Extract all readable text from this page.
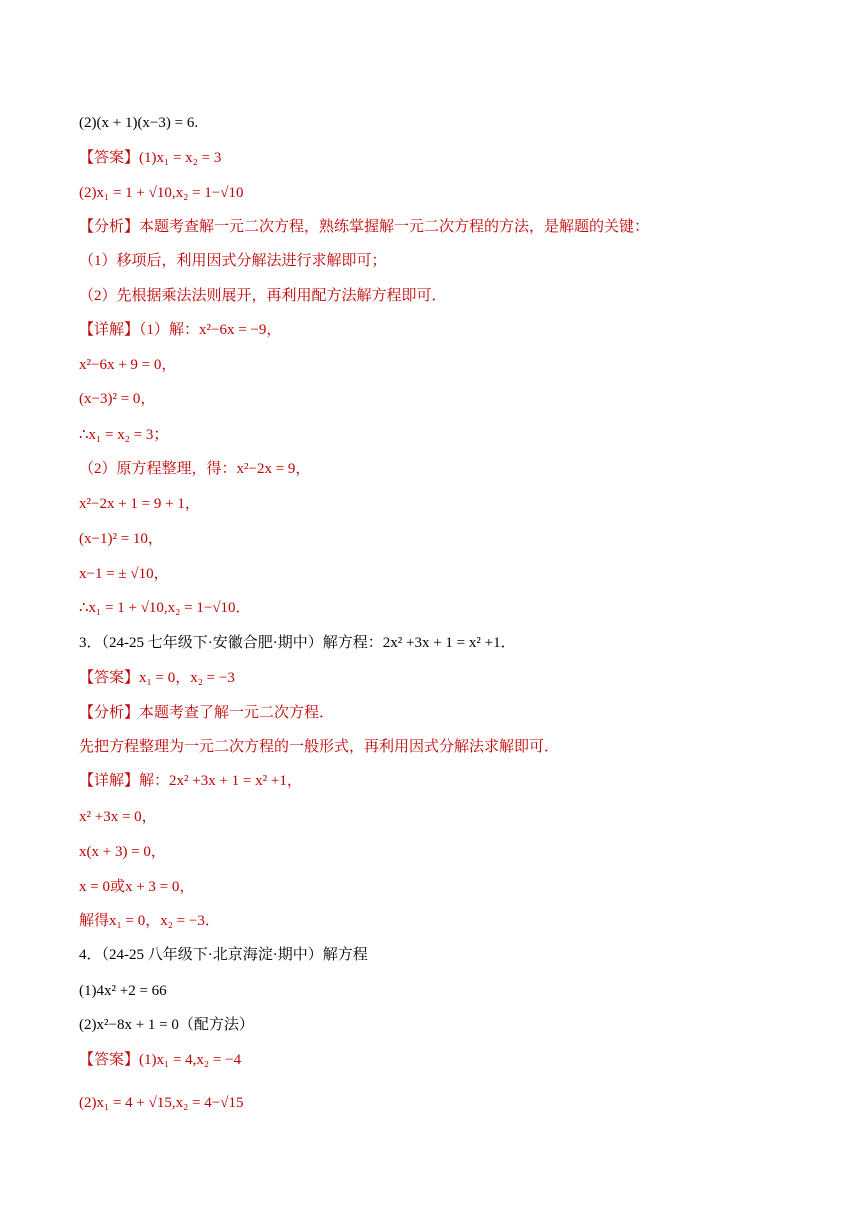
(2)(x + 1)(x−3) = 6.
【答案】(1)x₁ = x₂ = 3
(2)x₁ = 1 + √10,x₂ = 1−√10
【分析】本题考查解一元二次方程，熟练掌握解一元二次方程的方法，是解题的关键：
（1）移项后，利用因式分解法进行求解即可；
（2）先根据乘法法则展开，再利用配方法解方程即可．
【详解】（1）解：x²−6x = −9，
x²−6x + 9 = 0，
(x−3)² = 0，
∴x₁ = x₂ = 3；
（2）原方程整理，得：x²−2x = 9，
x²−2x + 1 = 9 + 1，
(x−1)² = 10，
x−1 = ± √10，
∴x₁ = 1 + √10,x₂ = 1−√10．
3．（24-25 七年级下·安徽合肥·期中）解方程：2x² +3x + 1 = x² +1．
【答案】x₁ = 0，x₂ = −3
【分析】本题考查了解一元二次方程．
先把方程整理为一元二次方程的一般形式，再利用因式分解法求解即可．
【详解】解：2x² +3x + 1 = x² +1，
x² +3x = 0，
x(x + 3) = 0，
x = 0或x + 3 = 0，
解得x₁ = 0，x₂ = −3．
4．（24-25 八年级下·北京海淀·期中）解方程
(1)4x² +2 = 66
(2)x²−8x + 1 = 0（配方法）
【答案】(1)x₁ = 4,x₂ = −4
(2)x₁ = 4 + √15,x₂ = 4−√15
